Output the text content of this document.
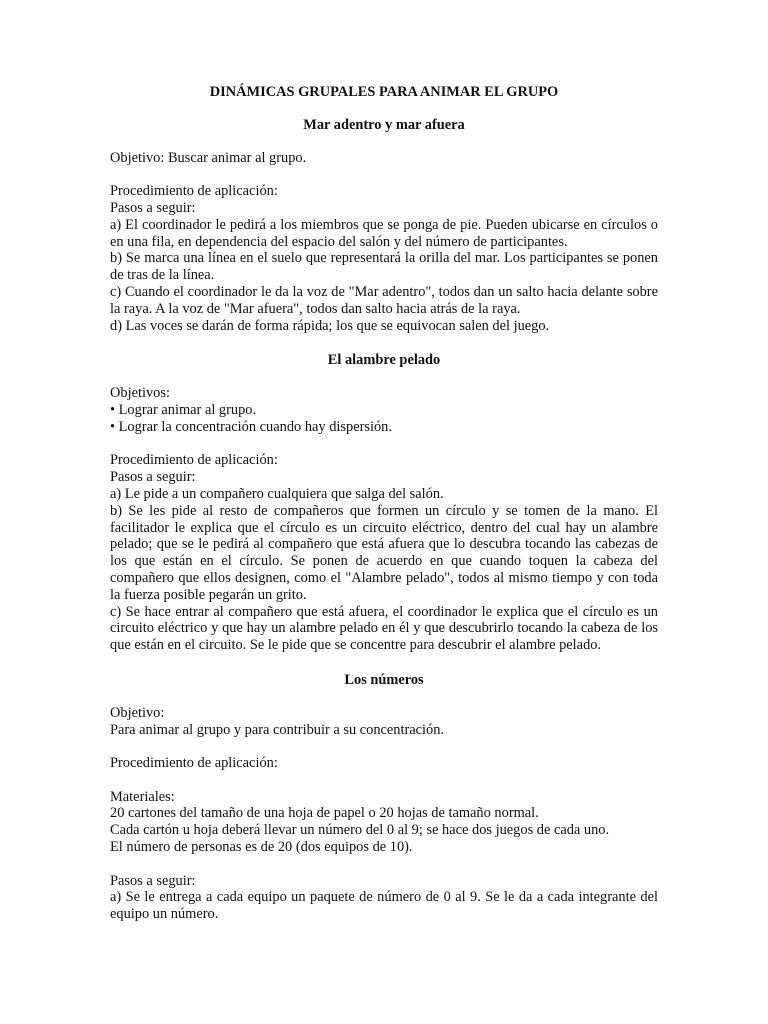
DINÁMICAS GRUPALES PARA ANIMAR EL GRUPO

Mar adentro y mar afuera

Objetivo: Buscar animar al grupo.

Procedimiento de aplicación:

Pasos a seguir:

a) El coordinador le pedirá a los miembros que se ponga de pie. Pueden ubicarse en círculos o en una fila, en dependencia del espacio del salón y del número de participantes.

b) Se marca una línea en el suelo que representará la orilla del mar. Los participantes se ponen de tras de la línea.

c) Cuando el coordinador le da la voz de "Mar adentro", todos dan un salto hacia delante sobre la raya. A la voz de "Mar afuera", todos dan salto hacia atrás de la raya.

d) Las voces se darán de forma rápida; los que se equivocan salen del juego.

El alambre pelado

Objetivos:

• Lograr animar al grupo.

• Lograr la concentración cuando hay dispersión.

Procedimiento de aplicación:

Pasos a seguir:

a) Le pide a un compañero cualquiera que salga del salón.

b) Se les pide al resto de compañeros que formen un círculo y se tomen de la mano. El facilitador le explica que el círculo es un circuito eléctrico, dentro del cual hay un alambre pelado; que se le pedirá al compañero que está afuera que lo descubra tocando las cabezas de los que están en el círculo. Se ponen de acuerdo en que cuando toquen la cabeza del compañero que ellos designen, como el "Alambre pelado", todos al mismo tiempo y con toda la fuerza posible pegarán un grito.

c) Se hace entrar al compañero que está afuera, el coordinador le explica que el círculo es un circuito eléctrico y que hay un alambre pelado en él y que descubrirlo tocando la cabeza de los que están en el circuito. Se le pide que se concentre para descubrir el alambre pelado.

Los números

Objetivo:

Para animar al grupo y para contribuir a su concentración.

Procedimiento de aplicación:

Materiales:

20 cartones del tamaño de una hoja de papel o 20 hojas de tamaño normal.

Cada cartón u hoja deberá llevar un número del 0 al 9; se hace dos juegos de cada uno.

El número de personas es de 20 (dos equipos de 10).

Pasos a seguir:

a) Se le entrega a cada equipo un paquete de número de 0 al 9. Se le da a cada integrante del equipo un número.
